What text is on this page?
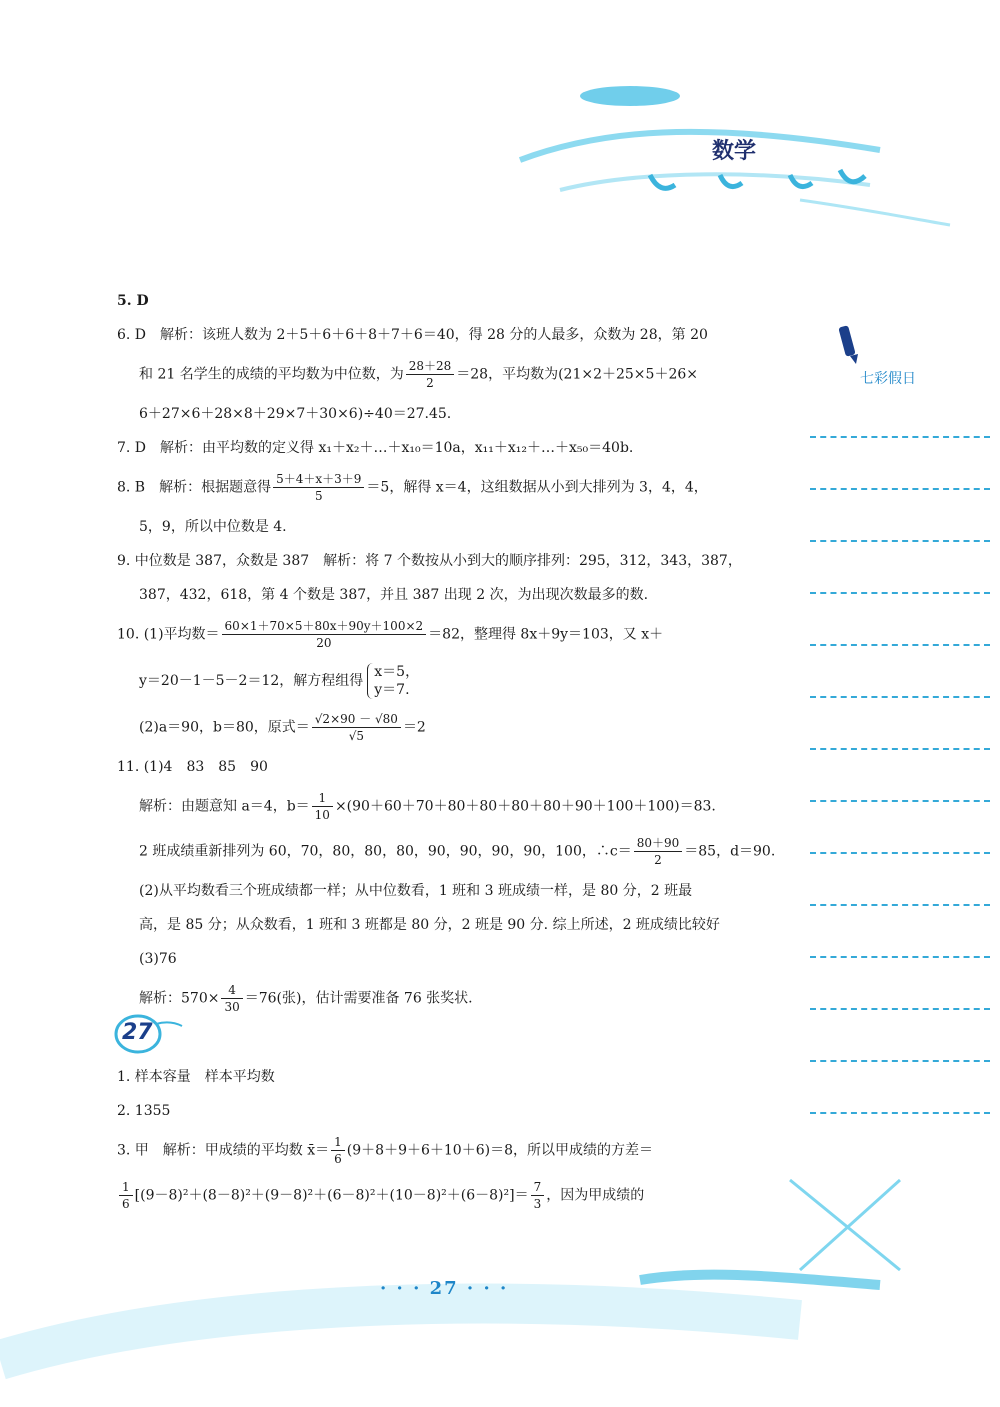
数学
七彩假日
27
5. D
6. D　解析：该班人数为 2＋5＋6＋6＋8＋7＋6＝40，得 28 分的人最多，众数为 28，第 20
和 21 名学生的成绩的平均数为中位数，为 $\frac{28+28}{2} =28$，平均数为(21×2＋25×5＋26×
6＋27×6＋28×8＋29×7＋30×6)÷40＝27.45.
7. D　解析：由平均数的定义得 x₁＋x₂＋…＋x₁₀＝10a，x₁₁＋x₁₂＋…＋x₅₀＝40b.
8. B　解析：根据题意得 $\frac{5+4+x+3+9}{5} =5$，解得 x＝4，这组数据从小到大排列为 3，4，4，
5，9，所以中位数是 4.
9. 中位数是 387，众数是 387　解析：将 7 个数按从小到大的顺序排列：295，312，343，387，
387，432，618，第 4 个数是 387，并且 387 出现 2 次，为出现次数最多的数.
10. (1)平均数＝ $\frac{60\times 1+70\times 5+80x+90y+100\times 2}{20} =82$，整理得 8x＋9y＝103，又 x＋
y＝20－1－5－2＝12，解方程组得x＝5，
y＝7.
(2)a＝90，b＝80，原式＝ $\frac{√2\times 90 - √80}{√5} =2$
11. (1)4　83　85　90
解析：由题意知 a＝4，$b= \frac{1}{10} \times(90+60+70+80+80+80+80+90+100+100)=83$.
2 班成绩重新排列为 60，70，80，80，80，90，90，90，90，100，∴c＝ $\frac{80+90}{2} =85$，d＝90.
(2)从平均数看三个班成绩都一样；从中位数看，1 班和 3 班成绩一样，是 80 分，2 班最
高，是 85 分；从众数看，1 班和 3 班都是 80 分，2 班是 90 分. 综上所述，2 班成绩比较好
(3)76
解析：$570\times \frac{4}{30} =76$(张)，估计需要准备 76 张奖状.
1. 样本容量　样本平均数
2. 1355
3. 甲　解析：甲成绩的平均数 x̄＝ $\frac{1}{6} (9+8+9+6+10+6)=8$，所以甲成绩的方差＝
$\frac{1}{6} [(9-8)^2+(8-8)^2+(9-8)^2+(6-8)^2+(10-8)^2+(6-8)^2]= \frac{7}{3}$ ，因为甲成绩的
· · · 27 · · ·
